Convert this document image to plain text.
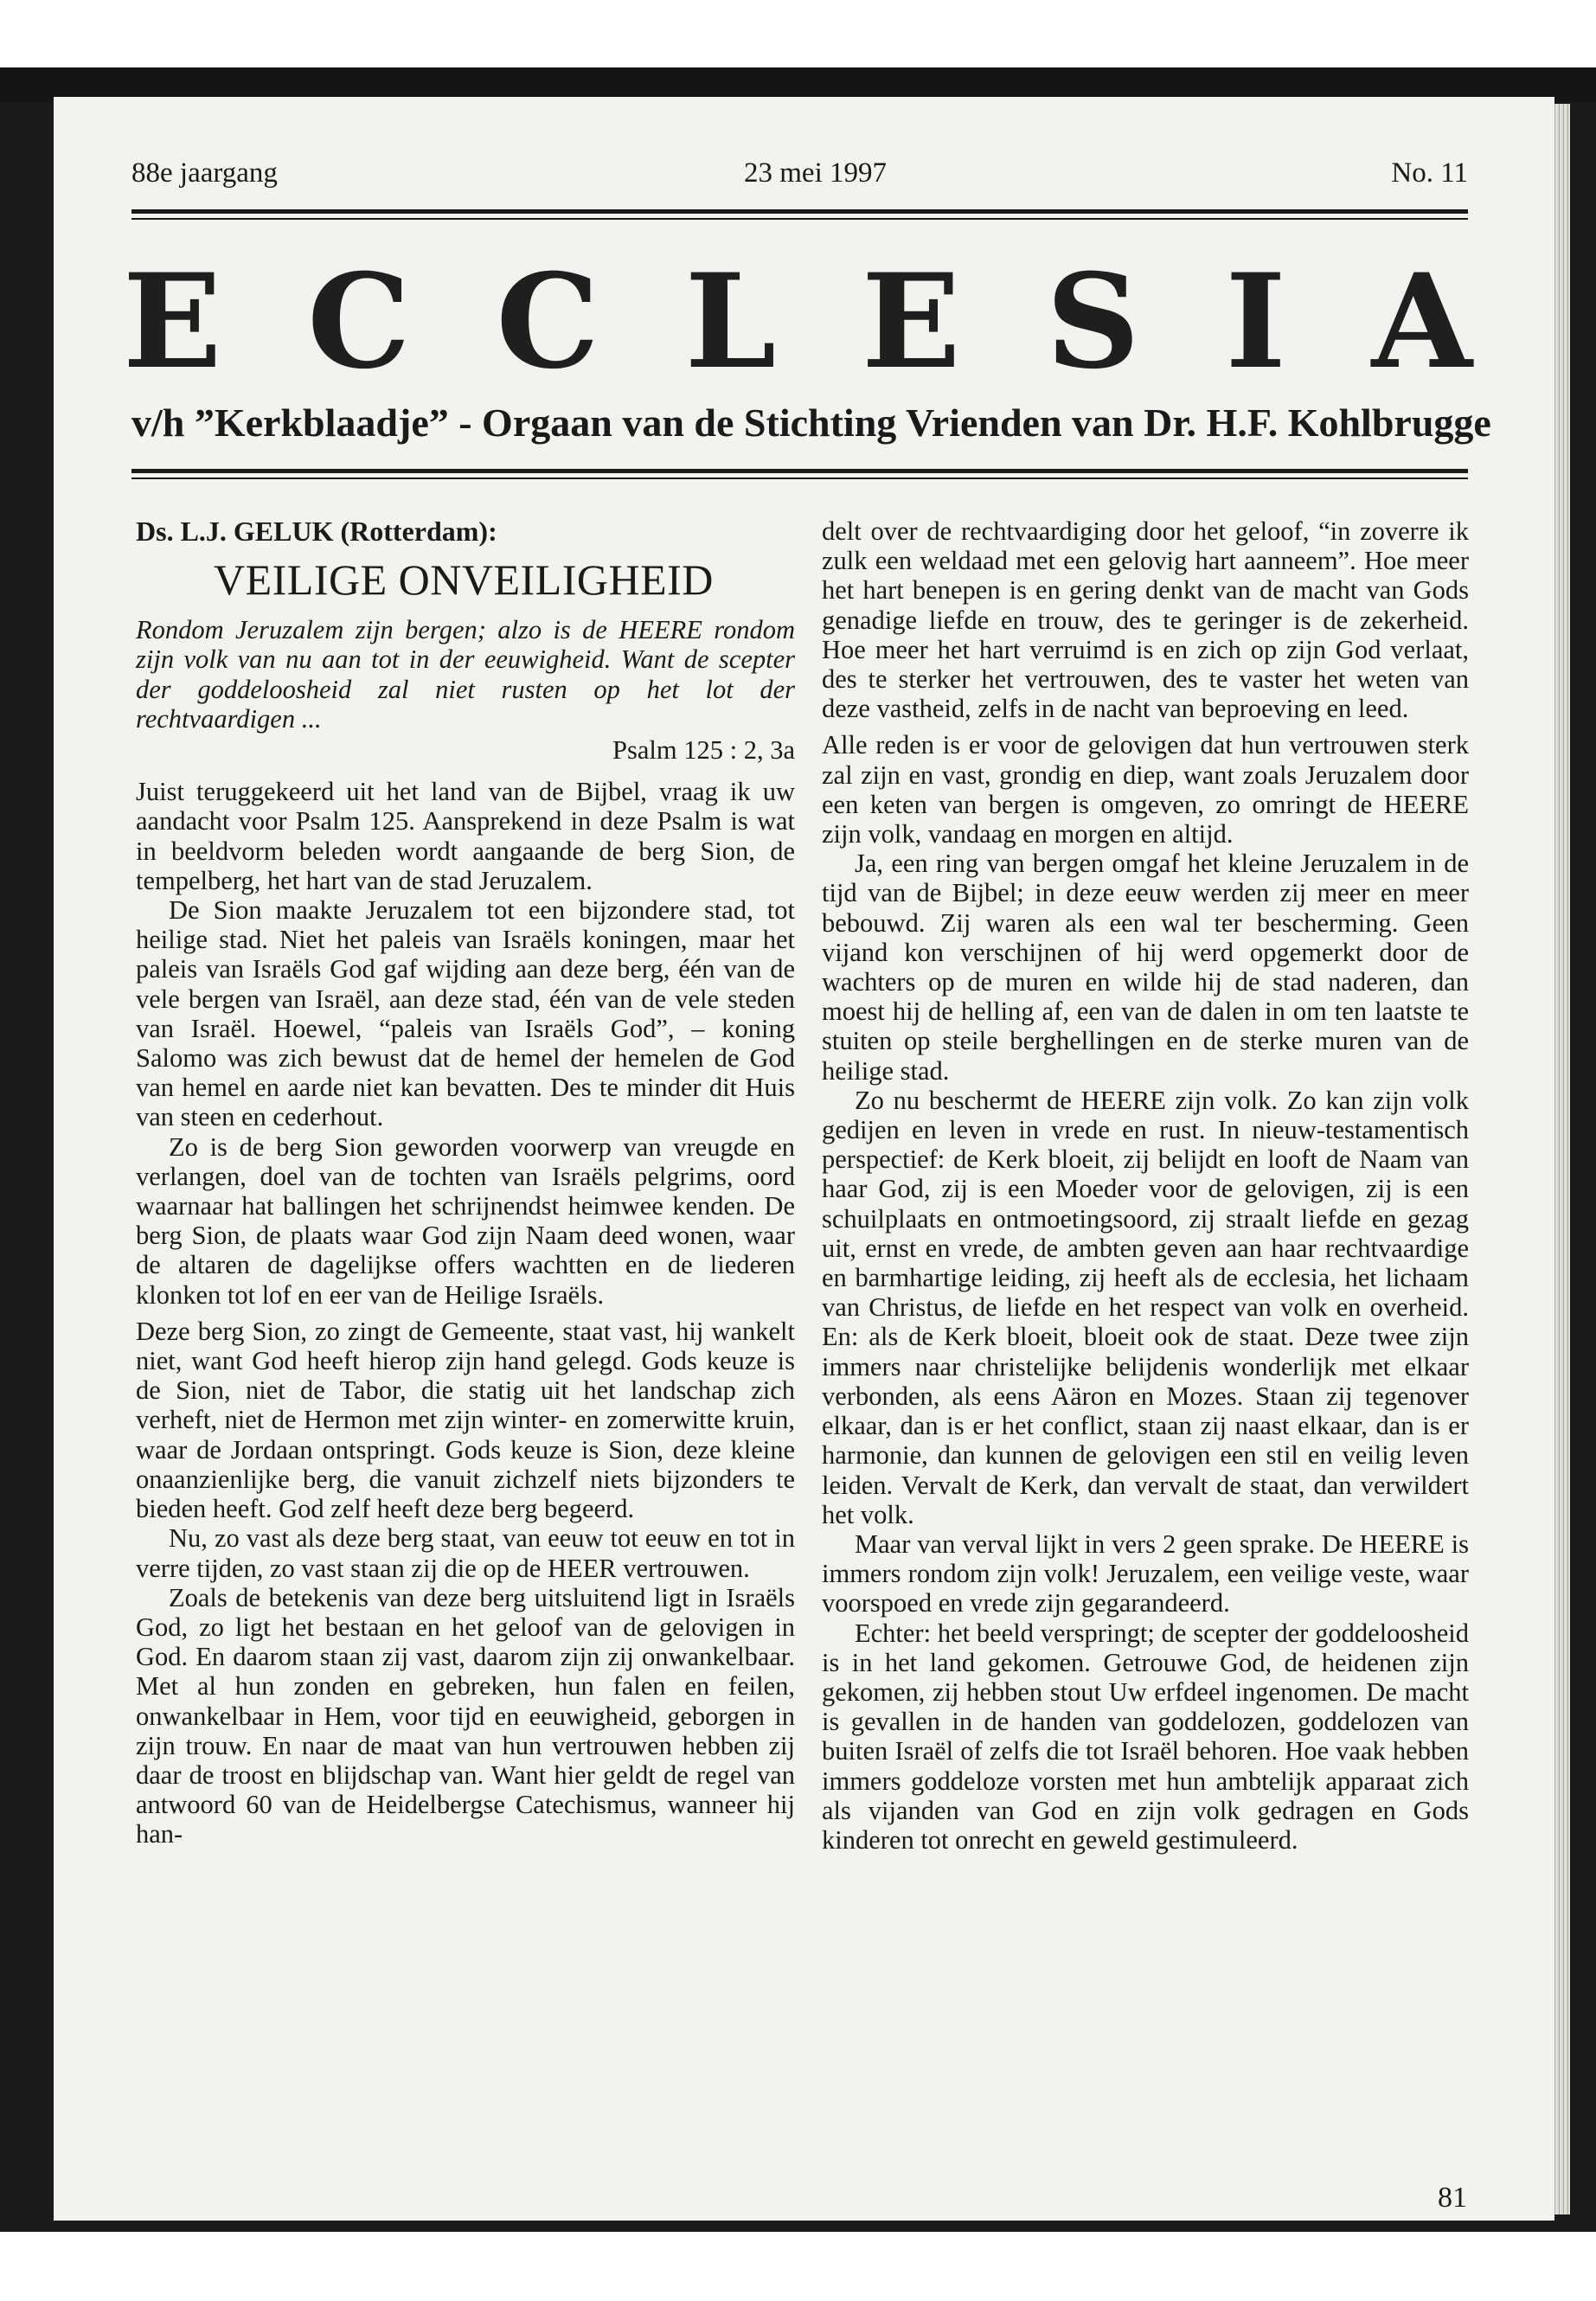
88e jaargang	23 mei 1997	No. 11
E C C L E S I A
v/h ”Kerkblaadje” - Orgaan van de Stichting Vrienden van Dr. H.F. Kohlbrugge
Ds. L.J. GELUK (Rotterdam):
VEILIGE ONVEILIGHEID

Rondom Jeruzalem zijn bergen; alzo is de HEERE rondom zijn volk van nu aan tot in der eeuwigheid. Want de scepter der goddeloosheid zal niet rusten op het lot der rechtvaardigen ...

Psalm 125 : 2, 3a

Juist teruggekeerd uit het land van de Bijbel, vraag ik uw aandacht voor Psalm 125. Aansprekend in deze Psalm is wat in beeldvorm beleden wordt aangaande de berg Sion, de tempelberg, het hart van de stad Jeruzalem.

De Sion maakte Jeruzalem tot een bijzondere stad, tot heilige stad. Niet het paleis van Israëls koningen, maar het paleis van Israëls God gaf wijding aan deze berg, één van de vele bergen van Israël, aan deze stad, één van de vele steden van Israël. Hoewel, “paleis van Israëls God”, – koning Salomo was zich bewust dat de hemel der hemelen de God van hemel en aarde niet kan bevatten. Des te minder dit Huis van steen en cederhout.

Zo is de berg Sion geworden voorwerp van vreugde en verlangen, doel van de tochten van Israëls pelgrims, oord waarnaar hat ballingen het schrijnendst heimwee kenden. De berg Sion, de plaats waar God zijn Naam deed wonen, waar de altaren de dagelijkse offers wachtten en de liederen klonken tot lof en eer van de Heilige Israëls.

Deze berg Sion, zo zingt de Gemeente, staat vast, hij wankelt niet, want God heeft hierop zijn hand gelegd. Gods keuze is de Sion, niet de Tabor, die statig uit het landschap zich verheft, niet de Hermon met zijn winter- en zomerwitte kruin, waar de Jordaan ontspringt. Gods keuze is Sion, deze kleine onaanzienlijke berg, die vanuit zichzelf niets bijzonders te bieden heeft. God zelf heeft deze berg begeerd.

Nu, zo vast als deze berg staat, van eeuw tot eeuw en tot in verre tijden, zo vast staan zij die op de HEER vertrouwen.

Zoals de betekenis van deze berg uitsluitend ligt in Israëls God, zo ligt het bestaan en het geloof van de gelovigen in God. En daarom staan zij vast, daarom zijn zij onwankelbaar. Met al hun zonden en gebreken, hun falen en feilen, onwankelbaar in Hem, voor tijd en eeuwigheid, geborgen in zijn trouw. En naar de maat van hun vertrouwen hebben zij daar de troost en blijdschap van. Want hier geldt de regel van antwoord 60 van de Heidelbergse Catechismus, wanneer hij han-

delt over de rechtvaardiging door het geloof, “in zoverre ik zulk een weldaad met een gelovig hart aanneem”. Hoe meer het hart benepen is en gering denkt van de macht van Gods genadige liefde en trouw, des te geringer is de zekerheid. Hoe meer het hart verruimd is en zich op zijn God verlaat, des te sterker het vertrouwen, des te vaster het weten van deze vastheid, zelfs in de nacht van beproeving en leed.

Alle reden is er voor de gelovigen dat hun vertrouwen sterk zal zijn en vast, grondig en diep, want zoals Jeruzalem door een keten van bergen is omgeven, zo omringt de HEERE zijn volk, vandaag en morgen en altijd.

Ja, een ring van bergen omgaf het kleine Jeruzalem in de tijd van de Bijbel; in deze eeuw werden zij meer en meer bebouwd. Zij waren als een wal ter bescherming. Geen vijand kon verschijnen of hij werd opgemerkt door de wachters op de muren en wilde hij de stad naderen, dan moest hij de helling af, een van de dalen in om ten laatste te stuiten op steile berghellingen en de sterke muren van de heilige stad.

Zo nu beschermt de HEERE zijn volk. Zo kan zijn volk gedijen en leven in vrede en rust. In nieuw-testamentisch perspectief: de Kerk bloeit, zij belijdt en looft de Naam van haar God, zij is een Moeder voor de gelovigen, zij is een schuilplaats en ontmoetingsoord, zij straalt liefde en gezag uit, ernst en vrede, de ambten geven aan haar rechtvaardige en barmhartige leiding, zij heeft als de ecclesia, het lichaam van Christus, de liefde en het respect van volk en overheid. En: als de Kerk bloeit, bloeit ook de staat. Deze twee zijn immers naar christelijke belijdenis wonderlijk met elkaar verbonden, als eens Aäron en Mozes. Staan zij tegenover elkaar, dan is er het conflict, staan zij naast elkaar, dan is er harmonie, dan kunnen de gelovigen een stil en veilig leven leiden. Vervalt de Kerk, dan vervalt de staat, dan verwildert het volk.

Maar van verval lijkt in vers 2 geen sprake. De HEERE is immers rondom zijn volk! Jeruzalem, een veilige veste, waar voorspoed en vrede zijn gegarandeerd.

Echter: het beeld verspringt; de scepter der goddeloosheid is in het land gekomen. Getrouwe God, de heidenen zijn gekomen, zij hebben stout Uw erfdeel ingenomen. De macht is gevallen in de handen van goddelozen, goddelozen van buiten Israël of zelfs die tot Israël behoren. Hoe vaak hebben immers goddeloze vorsten met hun ambtelijk apparaat zich als vijanden van God en zijn volk gedragen en Gods kinderen tot onrecht en geweld gestimuleerd.

81
